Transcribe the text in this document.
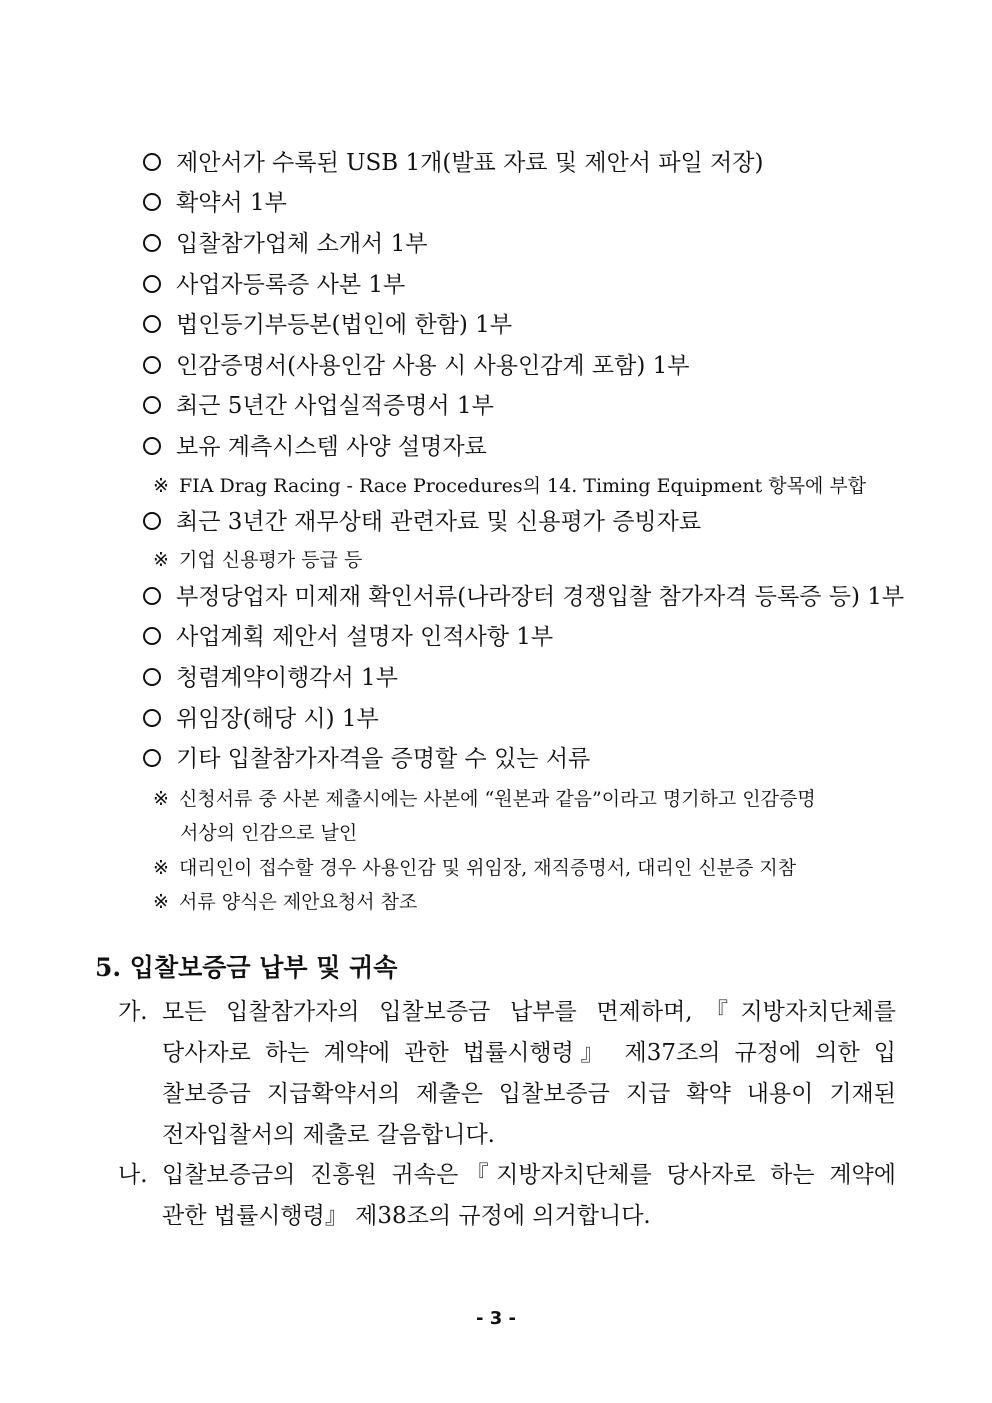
제안서가 수록된 USB 1개(발표 자료 및 제안서 파일 저장)
확약서 1부
입찰참가업체 소개서 1부
사업자등록증 사본 1부
법인등기부등본(법인에 한함) 1부
인감증명서(사용인감 사용 시 사용인감계 포함) 1부
최근 5년간 사업실적증명서 1부
보유 계측시스템 사양 설명자료
※ FIA Drag Racing - Race Procedures의 14. Timing Equipment 항목에 부합
최근 3년간 재무상태 관련자료 및 신용평가 증빙자료
※ 기업 신용평가 등급 등
부정당업자 미제재 확인서류(나라장터 경쟁입찰 참가자격 등록증 등) 1부
사업계획 제안서 설명자 인적사항 1부
청렴계약이행각서 1부
위임장(해당 시) 1부
기타 입찰참가자격을 증명할 수 있는 서류
※ 신청서류 중 사본 제출시에는 사본에 “원본과 같음”이라고 명기하고 인감증명
서상의 인감으로 날인
※ 대리인이 접수할 경우 사용인감 및 위임장, 재직증명서, 대리인 신분증 지참
※ 서류 양식은 제안요청서 참조
5. 입찰보증금 납부 및 귀속
가. 모든 입찰참가자의 입찰보증금 납부를 면제하며,『지방자치단체를
당사자로 하는 계약에 관한 법률시행령』 제37조의 규정에 의한 입
찰보증금 지급확약서의 제출은 입찰보증금 지급 확약 내용이 기재된
전자입찰서의 제출로 갈음합니다.
나. 입찰보증금의 진흥원 귀속은『지방자치단체를 당사자로 하는 계약에
관한 법률시행령』 제38조의 규정에 의거합니다.
- 3 -
